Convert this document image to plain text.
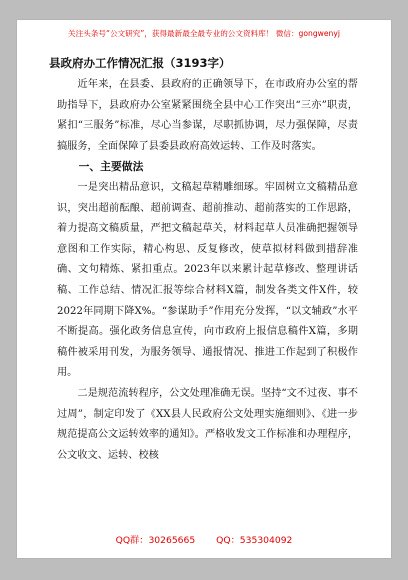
关注头条号“公文研究”，获得最新最全最专业的公文资料库！ 微信：gongwenyj
县政府办工作情况汇报（3193字）

近年来，在县委、县政府的正确领导下，在市政府办公室的帮助指导下，县政府办公室紧紧围绕全县中心工作突出“三亦”职责，紧扣“三服务”标准，尽心当参谋，尽职抓协调，尽力强保障，尽责搞服务，全面保障了县委县政府高效运转、工作及时落实。

一、主要做法

一是突出精品意识，文稿起草精雕细琢。牢固树立文稿精品意识，突出超前酝酿、超前调查、超前推动、超前落实的工作思路，着力提高文稿质量，严把文稿起草关，材料起草人员准确把握领导意图和工作实际，精心构思、反复修改，使草拟材料做到措辞准确、文句精炼、紧扣重点。2023年以来累计起草修改、整理讲话稿、工作总结、情况汇报等综合材料X篇，制发各类文件X件，较2022年同期下降X%。“参谋助手”作用充分发挥，“以文辅政”水平不断提高。强化政务信息宣传，向市政府上报信息稿件X篇，多期稿件被采用刊发，为服务领导、通报情况、推进工作起到了积极作用。

二是规范流转程序，公文处理准确无误。坚持“文不过夜、事不过周”，制定印发了《XX县人民政府公文处理实施细则》、《进一步规范提高公文运转效率的通知》。严格收发文工作标准和办理程序，公文收文、运转、校核

QQ群：30265665 QQ：535304092
